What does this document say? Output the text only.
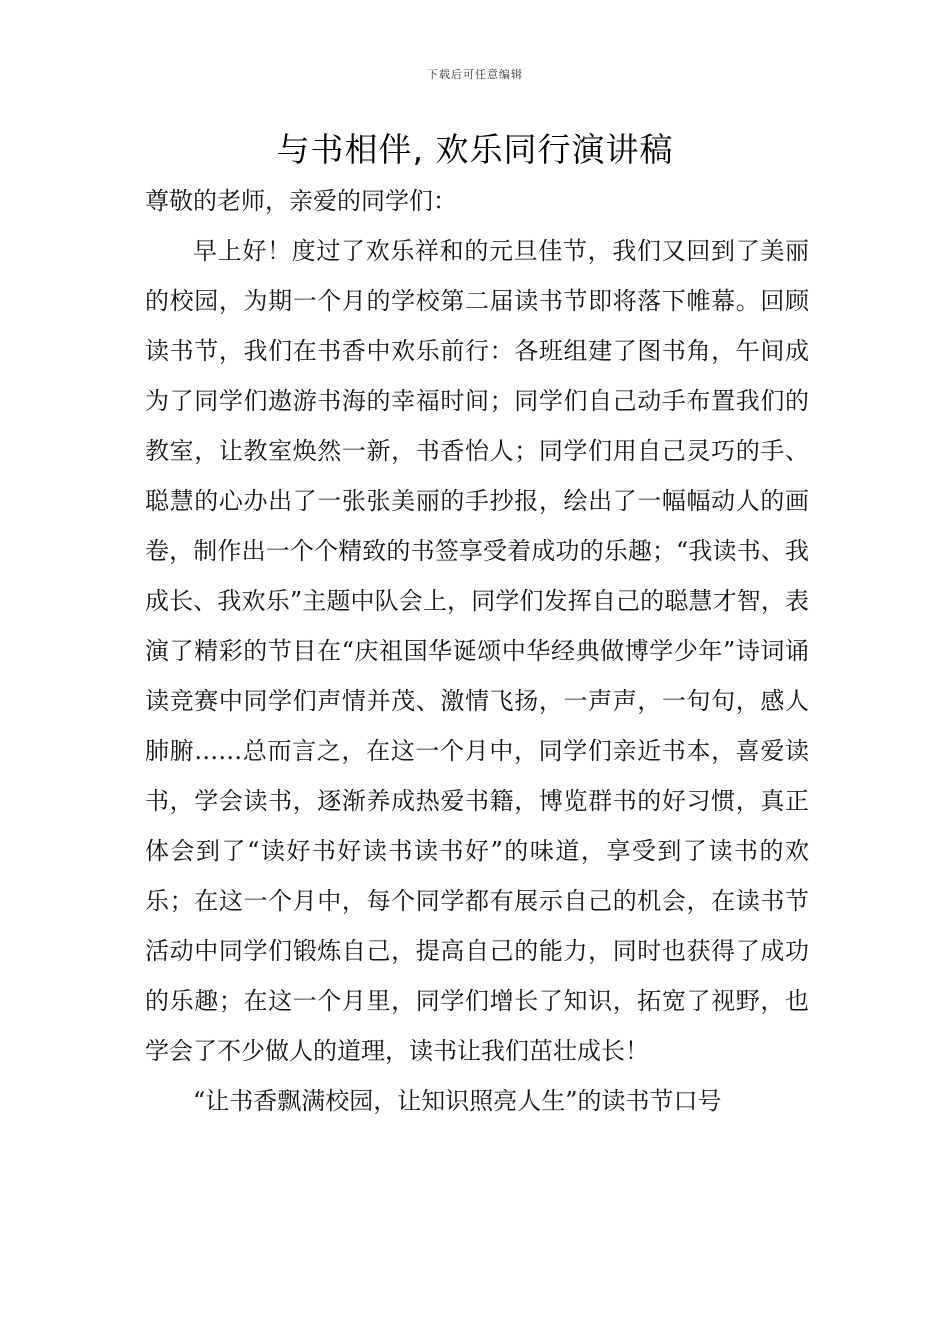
下载后可任意编辑
与书相伴, 欢乐同行演讲稿

尊敬的老师，亲爱的同学们：

早上好！度过了欢乐祥和的元旦佳节，我们又回到了美丽的校园，为期一个月的学校第二届读书节即将落下帷幕。回顾读书节，我们在书香中欢乐前行：各班组建了图书角，午间成为了同学们遨游书海的幸福时间；同学们自己动手布置我们的教室，让教室焕然一新，书香怡人；同学们用自己灵巧的手、聪慧的心办出了一张张美丽的手抄报，绘出了一幅幅动人的画卷，制作出一个个精致的书签享受着成功的乐趣；“我读书、我成长、我欢乐”主题中队会上，同学们发挥自己的聪慧才智，表演了精彩的节目在“庆祖国华诞颂中华经典做博学少年”诗词诵读竞赛中同学们声情并茂、激情飞扬，一声声，一句句，感人肺腑……总而言之，在这一个月中，同学们亲近书本，喜爱读书，学会读书，逐渐养成热爱书籍，博览群书的好习惯，真正体会到了“读好书好读书读书好”的味道，享受到了读书的欢乐；在这一个月中，每个同学都有展示自己的机会，在读书节活动中同学们锻炼自己，提高自己的能力，同时也获得了成功的乐趣；在这一个月里，同学们增长了知识，拓宽了视野，也学会了不少做人的道理，读书让我们茁壮成长！

“让书香飘满校园，让知识照亮人生”的读书节口号
